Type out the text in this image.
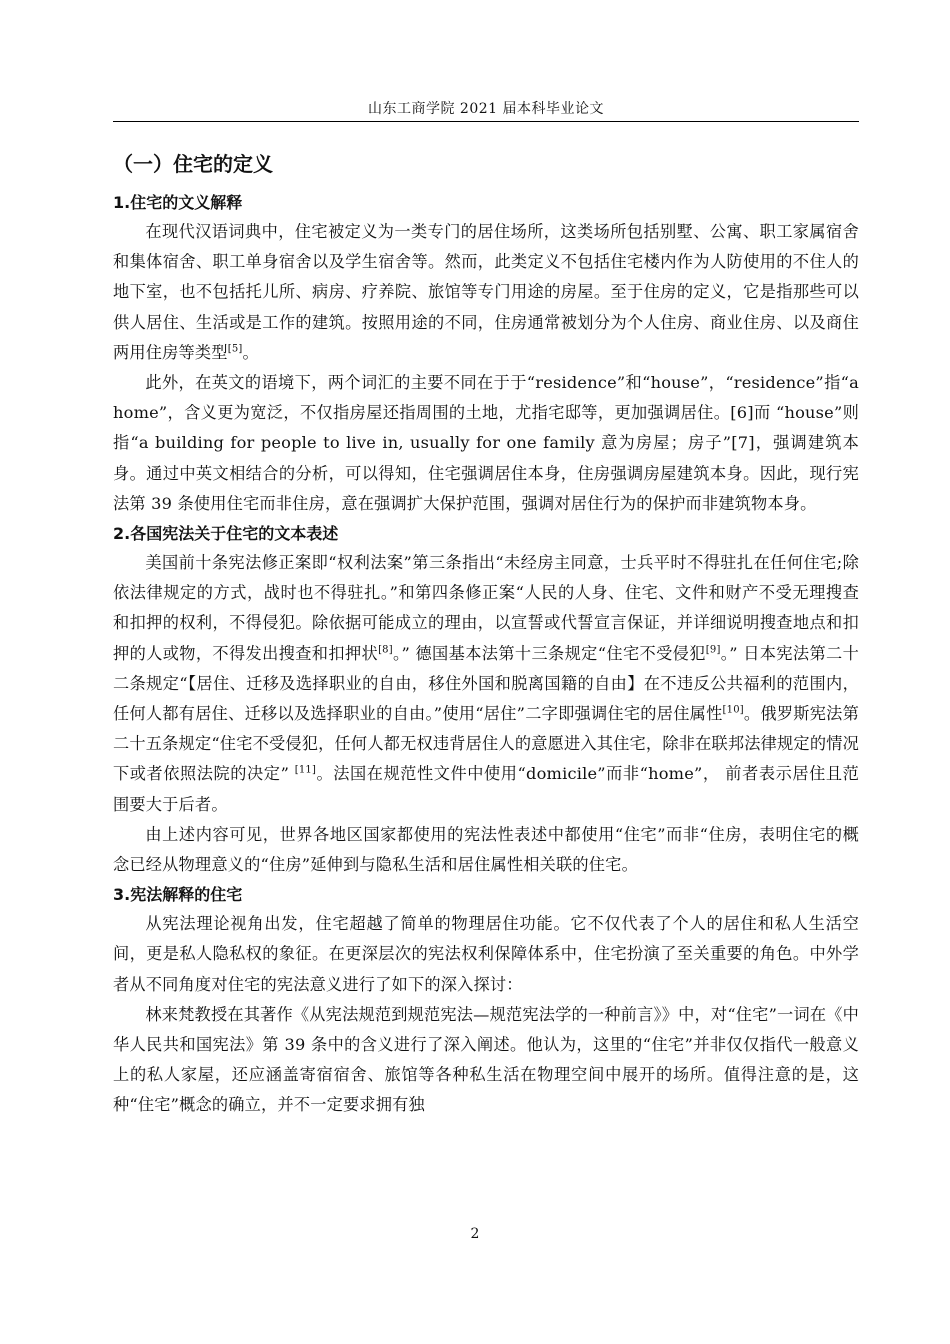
山东工商学院 2021 届本科毕业论文
（一）住宅的定义
1.住宅的文义解释

在现代汉语词典中，住宅被定义为一类专门的居住场所，这类场所包括别墅、公寓、职工家属宿舍和集体宿舍、职工单身宿舍以及学生宿舍等。然而，此类定义不包括住宅楼内作为人防使用的不住人的地下室，也不包括托儿所、病房、疗养院、旅馆等专门用途的房屋。至于住房的定义，它是指那些可以供人居住、生活或是工作的建筑。按照用途的不同，住房通常被划分为个人住房、商业住房、以及商住两用住房等类型[5]。

此外，在英文的语境下，两个词汇的主要不同在于于“residence”和“house”，“residence”指“a home”，含义更为宽泛，不仅指房屋还指周围的土地，尤指宅邸等，更加强调居住。[6]而 “house”则指“a building for people to live in, usually for one family 意为房屋；房子”[7]，强调建筑本身。通过中英文相结合的分析，可以得知，住宅强调居住本身，住房强调房屋建筑本身。因此，现行宪法第 39 条使用住宅而非住房，意在强调扩大保护范围，强调对居住行为的保护而非建筑物本身。

2.各国宪法关于住宅的文本表述

美国前十条宪法修正案即“权利法案”第三条指出“未经房主同意，士兵平时不得驻扎在任何住宅;除依法律规定的方式，战时也不得驻扎。”和第四条修正案“人民的人身、住宅、文件和财产不受无理搜查和扣押的权利，不得侵犯。除依据可能成立的理由，以宣誓或代誓宣言保证，并详细说明搜查地点和扣押的人或物，不得发出搜查和扣押状[8]。” 德国基本法第十三条规定“住宅不受侵犯[9]。” 日本宪法第二十二条规定“【居住、迁移及选择职业的自由，移住外国和脱离国籍的自由】在不违反公共福利的范围内，任何人都有居住、迁移以及选择职业的自由。”使用“居住”二字即强调住宅的居住属性[10]。俄罗斯宪法第二十五条规定“住宅不受侵犯，任何人都无权违背居住人的意愿进入其住宅，除非在联邦法律规定的情况下或者依照法院的决定” [11]。法国在规范性文件中使用“domicile”而非“home”， 前者表示居住且范围要大于后者。

由上述内容可见，世界各地区国家都使用的宪法性表述中都使用“住宅”而非“住房，表明住宅的概念已经从物理意义的“住房”延伸到与隐私生活和居住属性相关联的住宅。

3.宪法解释的住宅

从宪法理论视角出发，住宅超越了简单的物理居住功能。它不仅代表了个人的居住和私人生活空间，更是私人隐私权的象征。在更深层次的宪法权利保障体系中，住宅扮演了至关重要的角色。中外学者从不同角度对住宅的宪法意义进行了如下的深入探讨：

林来梵教授在其著作《从宪法规范到规范宪法—规范宪法学的一种前言》》中，对“住宅”一词在《中华人民共和国宪法》第 39 条中的含义进行了深入阐述。他认为，这里的“住宅”并非仅仅指代一般意义上的私人家屋，还应涵盖寄宿宿舍、旅馆等各种私生活在物理空间中展开的场所。值得注意的是，这种“住宅”概念的确立，并不一定要求拥有独

2
